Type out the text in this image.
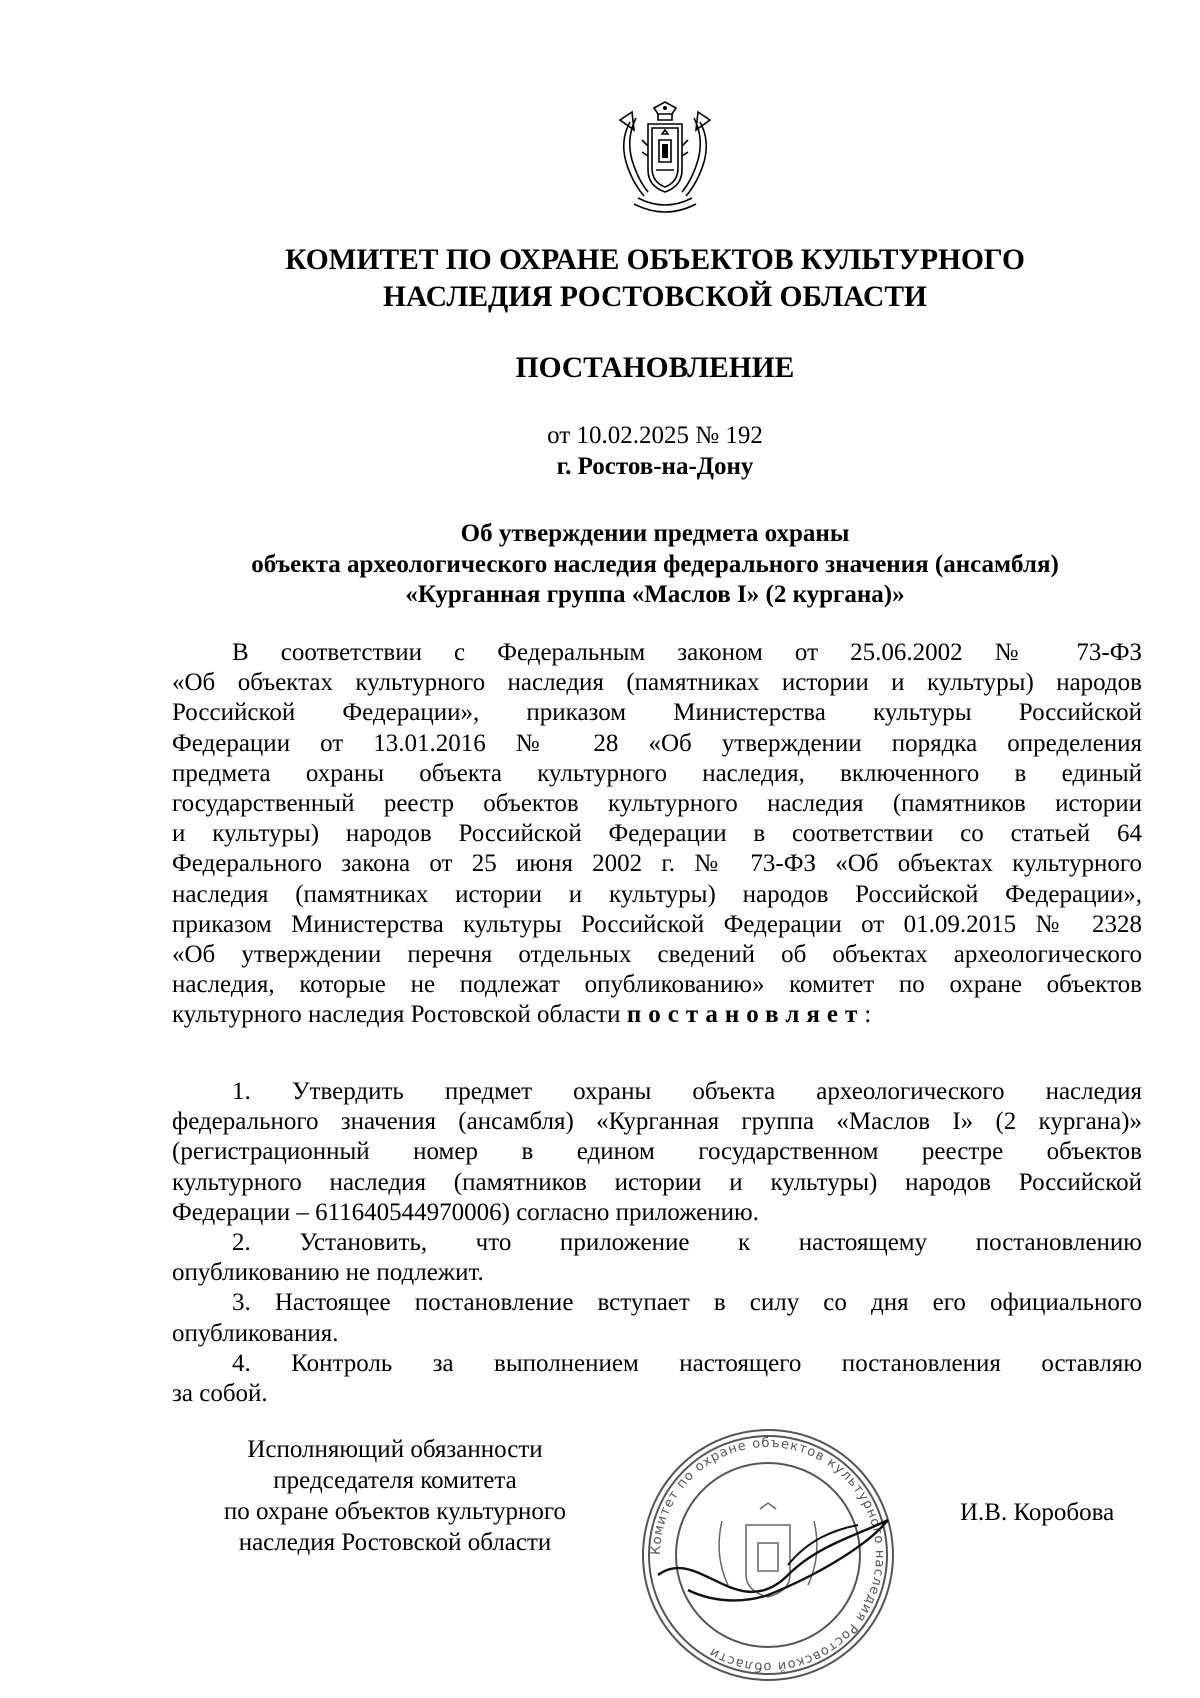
КОМИТЕТ ПО ОХРАНЕ ОБЪЕКТОВ КУЛЬТУРНОГО
НАСЛЕДИЯ РОСТОВСКОЙ ОБЛАСТИ
ПОСТАНОВЛЕНИЕ
от 10.02.2025 № 192
г. Ростов-на-Дону
Об утверждении предмета охраны
объекта археологического наследия федерального значения (ансамбля)
«Курганная группа «Маслов I» (2 кургана)»
В соответствии с Федеральным законом от 25.06.2002 № 73-ФЗ
«Об объектах культурного наследия (памятниках истории и культуры) народов
Российской Федерации», приказом Министерства культуры Российской
Федерации от 13.01.2016 № 28 «Об утверждении порядка определения
предмета охраны объекта культурного наследия, включенного в единый
государственный реестр объектов культурного наследия (памятников истории
и культуры) народов Российской Федерации в соответствии со статьей 64
Федерального закона от 25 июня 2002 г. № 73-ФЗ «Об объектах культурного
наследия (памятниках истории и культуры) народов Российской Федерации»,
приказом Министерства культуры Российской Федерации от 01.09.2015 № 2328
«Об утверждении перечня отдельных сведений об объектах археологического
наследия, которые не подлежат опубликованию» комитет по охране объектов
культурного наследия Ростовской области постановляет:
1. Утвердить предмет охраны объекта археологического наследия
федерального значения (ансамбля) «Курганная группа «Маслов I» (2 кургана)»
(регистрационный номер в едином государственном реестре объектов
культурного наследия (памятников истории и культуры) народов Российской
Федерации – 611640544970006) согласно приложению.
2. Установить, что приложение к настоящему постановлению
опубликованию не подлежит.
3. Настоящее постановление вступает в силу со дня его официального
опубликования.
4. Контроль за выполнением настоящего постановления оставляю
за собой.
Исполняющий обязанности
председателя комитета
по охране объектов культурного
наследия Ростовской области	Комитет по охране объектов культурного наследия Ростовской области
И.В. Коробова
